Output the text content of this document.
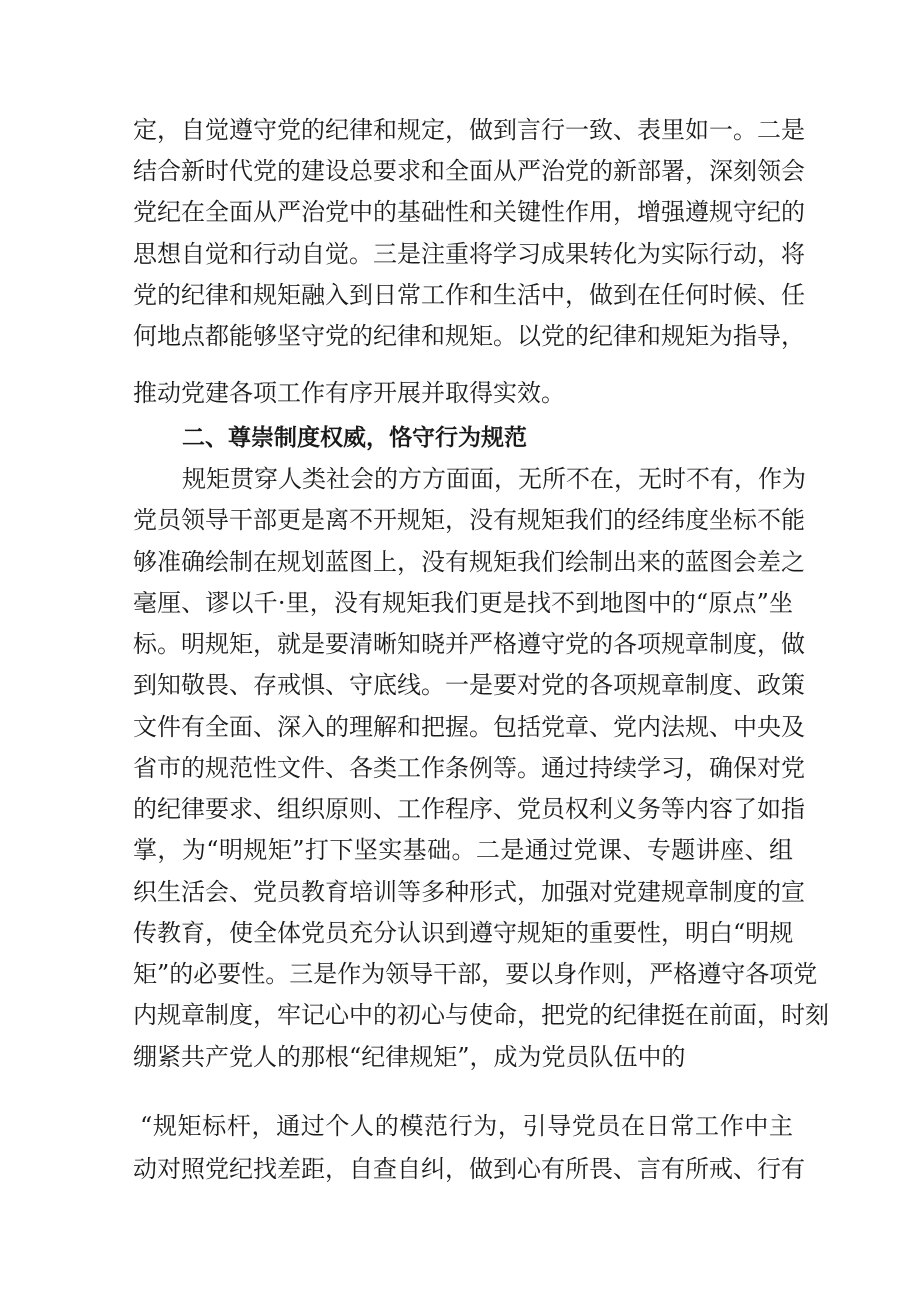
定，自觉遵守党的纪律和规定，做到言行一致、表里如一。二是
结合新时代党的建设总要求和全面从严治党的新部署，深刻领会
党纪在全面从严治党中的基础性和关键性作用，增强遵规守纪的
思想自觉和行动自觉。三是注重将学习成果转化为实际行动，将
党的纪律和规矩融入到日常工作和生活中，做到在任何时候、任
何地点都能够坚守党的纪律和规矩。以党的纪律和规矩为指导，
推动党建各项工作有序开展并取得实效。
二、尊崇制度权威，恪守行为规范
规矩贯穿人类社会的方方面面，无所不在，无时不有，作为
党员领导干部更是离不开规矩，没有规矩我们的经纬度坐标不能
够准确绘制在规划蓝图上，没有规矩我们绘制出来的蓝图会差之
毫厘、谬以千·里，没有规矩我们更是找不到地图中的“原点”坐
标。明规矩，就是要清晰知晓并严格遵守党的各项规章制度，做
到知敬畏、存戒惧、守底线。一是要对党的各项规章制度、政策
文件有全面、深入的理解和把握。包括党章、党内法规、中央及
省市的规范性文件、各类工作条例等。通过持续学习，确保对党
的纪律要求、组织原则、工作程序、党员权利义务等内容了如指
掌，为“明规矩”打下坚实基础。二是通过党课、专题讲座、组
织生活会、党员教育培训等多种形式，加强对党建规章制度的宣
传教育，使全体党员充分认识到遵守规矩的重要性，明白“明规
矩”的必要性。三是作为领导干部，要以身作则，严格遵守各项党
内规章制度，牢记心中的初心与使命，把党的纪律挺在前面，时刻
绷紧共产党人的那根“纪律规矩”，成为党员队伍中的
“规矩标杆，通过个人的模范行为，引导党员在日常工作中主
动对照党纪找差距，自查自纠，做到心有所畏、言有所戒、行有
